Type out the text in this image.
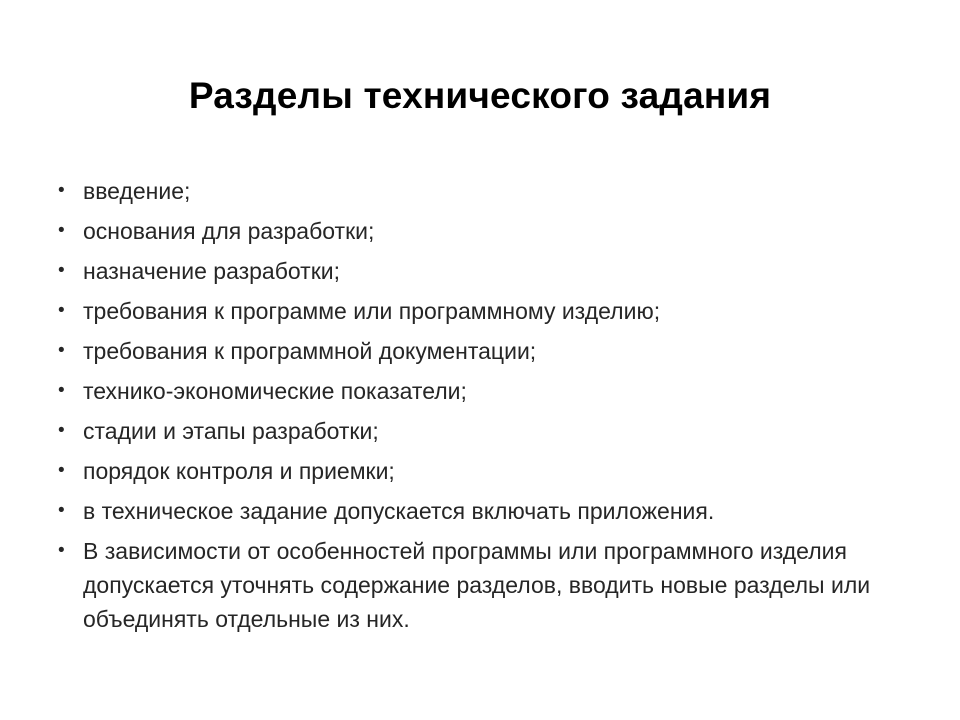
Разделы технического задания
• введение;
• основания для разработки;
• назначение разработки;
• требования к программе или программному изделию;
• требования к программной документации;
• технико-экономические показатели;
• стадии и этапы разработки;
• порядок контроля и приемки;
• в техническое задание допускается включать приложения.
• В зависимости от особенностей программы или программного изделия допускается уточнять содержание разделов, вводить новые разделы или объединять отдельные из них.
